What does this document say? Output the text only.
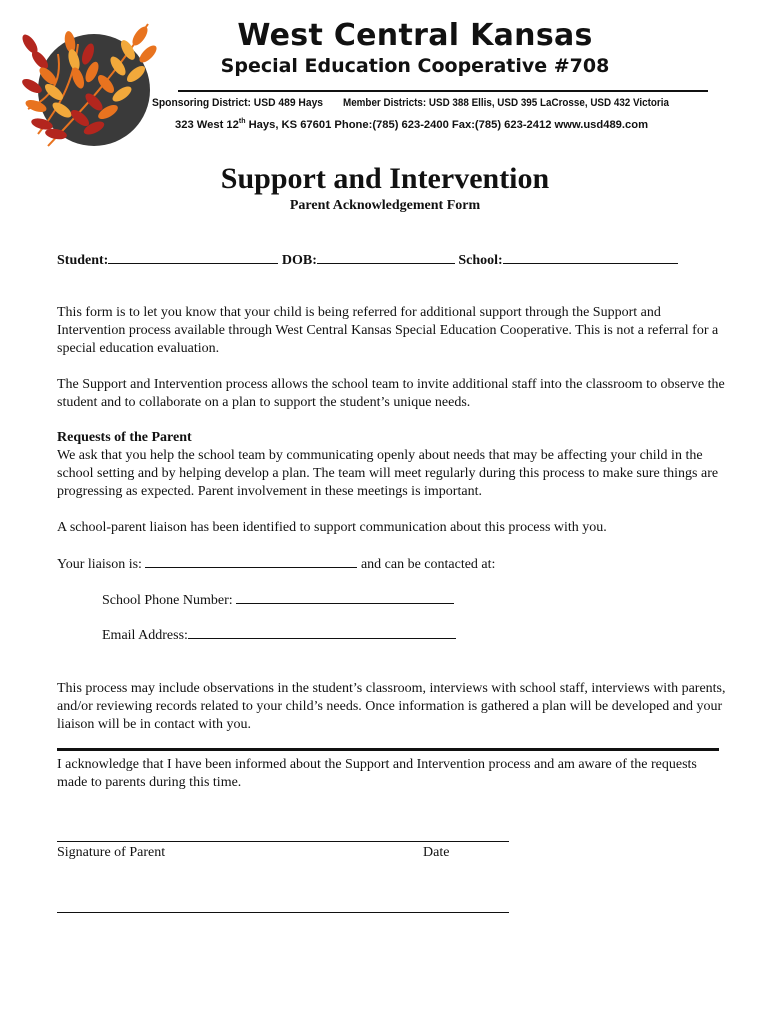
West Central Kansas
Special Education Cooperative #708
Sponsoring District: USD 489 Hays Member Districts: USD 388 Ellis, USD 395 LaCrosse, USD 432 Victoria
323 West 12th Hays, KS 67601 Phone:(785) 623-2400 Fax:(785) 623-2412 www.usd489.com
Support and Intervention
Parent Acknowledgement Form
Student:	DOB:	School:

This form is to let you know that your child is being referred for additional support through the Support and Intervention process available through West Central Kansas Special Education Cooperative. This is not a referral for a special education evaluation.

The Support and Intervention process allows the school team to invite additional staff into the classroom to observe the student and to collaborate on a plan to support the student’s unique needs.

Requests of the Parent

We ask that you help the school team by communicating openly about needs that may be affecting your child in the school setting and by helping develop a plan. The team will meet regularly during this process to make sure things are progressing as expected. Parent involvement in these meetings is important.

A school-parent liaison has been identified to support communication about this process with you.

Your liaison is:	and can be contacted at:
School Phone Number:
Email Address:

This process may include observations in the student’s classroom, interviews with school staff, interviews with parents, and/or reviewing records related to your child’s needs. Once information is gathered a plan will be developed and your liaison will be in contact with you.

I acknowledge that I have been informed about the Support and Intervention process and am aware of the requests made to parents during this time.

Signature of Parent	Date
